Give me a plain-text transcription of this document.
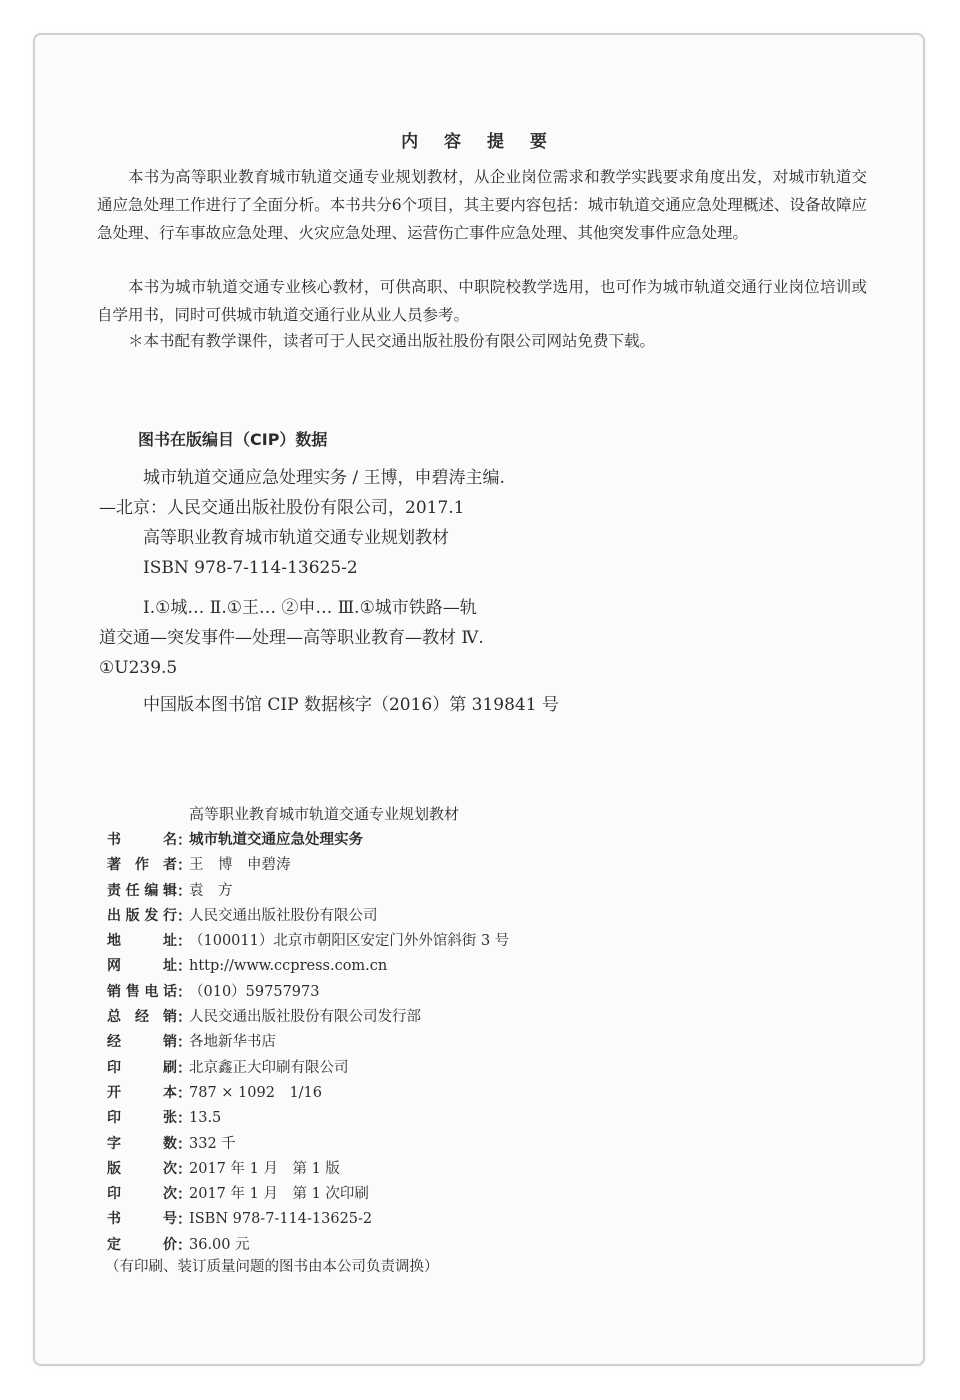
内 容 提 要
本书为高等职业教育城市轨道交通专业规划教材，从企业岗位需求和教学实践要求角度出发，对城市轨道交通应急处理工作进行了全面分析。本书共分6个项目，其主要内容包括：城市轨道交通应急处理概述、设备故障应急处理、行车事故应急处理、火灾应急处理、运营伤亡事件应急处理、其他突发事件应急处理。
本书为城市轨道交通专业核心教材，可供高职、中职院校教学选用，也可作为城市轨道交通行业岗位培训或自学用书，同时可供城市轨道交通行业从业人员参考。
＊本书配有教学课件，读者可于人民交通出版社股份有限公司网站免费下载。
图书在版编目（CIP）数据
城市轨道交通应急处理实务 / 王博，申碧涛主编.
—北京：人民交通出版社股份有限公司，2017.1
高等职业教育城市轨道交通专业规划教材
ISBN 978-7-114-13625-2
Ⅰ.①城… Ⅱ.①王… ②申… Ⅲ.①城市铁路—轨
道交通—突发事件—处理—高等职业教育—教材 Ⅳ.
①U239.5
中国版本图书馆 CIP 数据核字（2016）第 319841 号
高等职业教育城市轨道交通专业规划教材
书名 ：
城市轨道交通应急处理实务
著作者 ：
王　博　申碧涛
责任编辑 ：
袁　方
出版发行 ：
人民交通出版社股份有限公司
地址 ：
（100011）北京市朝阳区安定门外外馆斜街 3 号
网址 ：
http://www.ccpress.com.cn
销售电话 ：
（010）59757973
总经销 ：
人民交通出版社股份有限公司发行部
经销 ：
各地新华书店
印刷 ：
北京鑫正大印刷有限公司
开本 ：
787 × 1092　1/16
印张 ：
13.5
字数 ：
332 千
版次 ：
2017 年 1 月　第 1 版
印次 ：
2017 年 1 月　第 1 次印刷
书号 ：
ISBN 978-7-114-13625-2
定价 ：
36.00 元
（有印刷、装订质量问题的图书由本公司负责调换）
